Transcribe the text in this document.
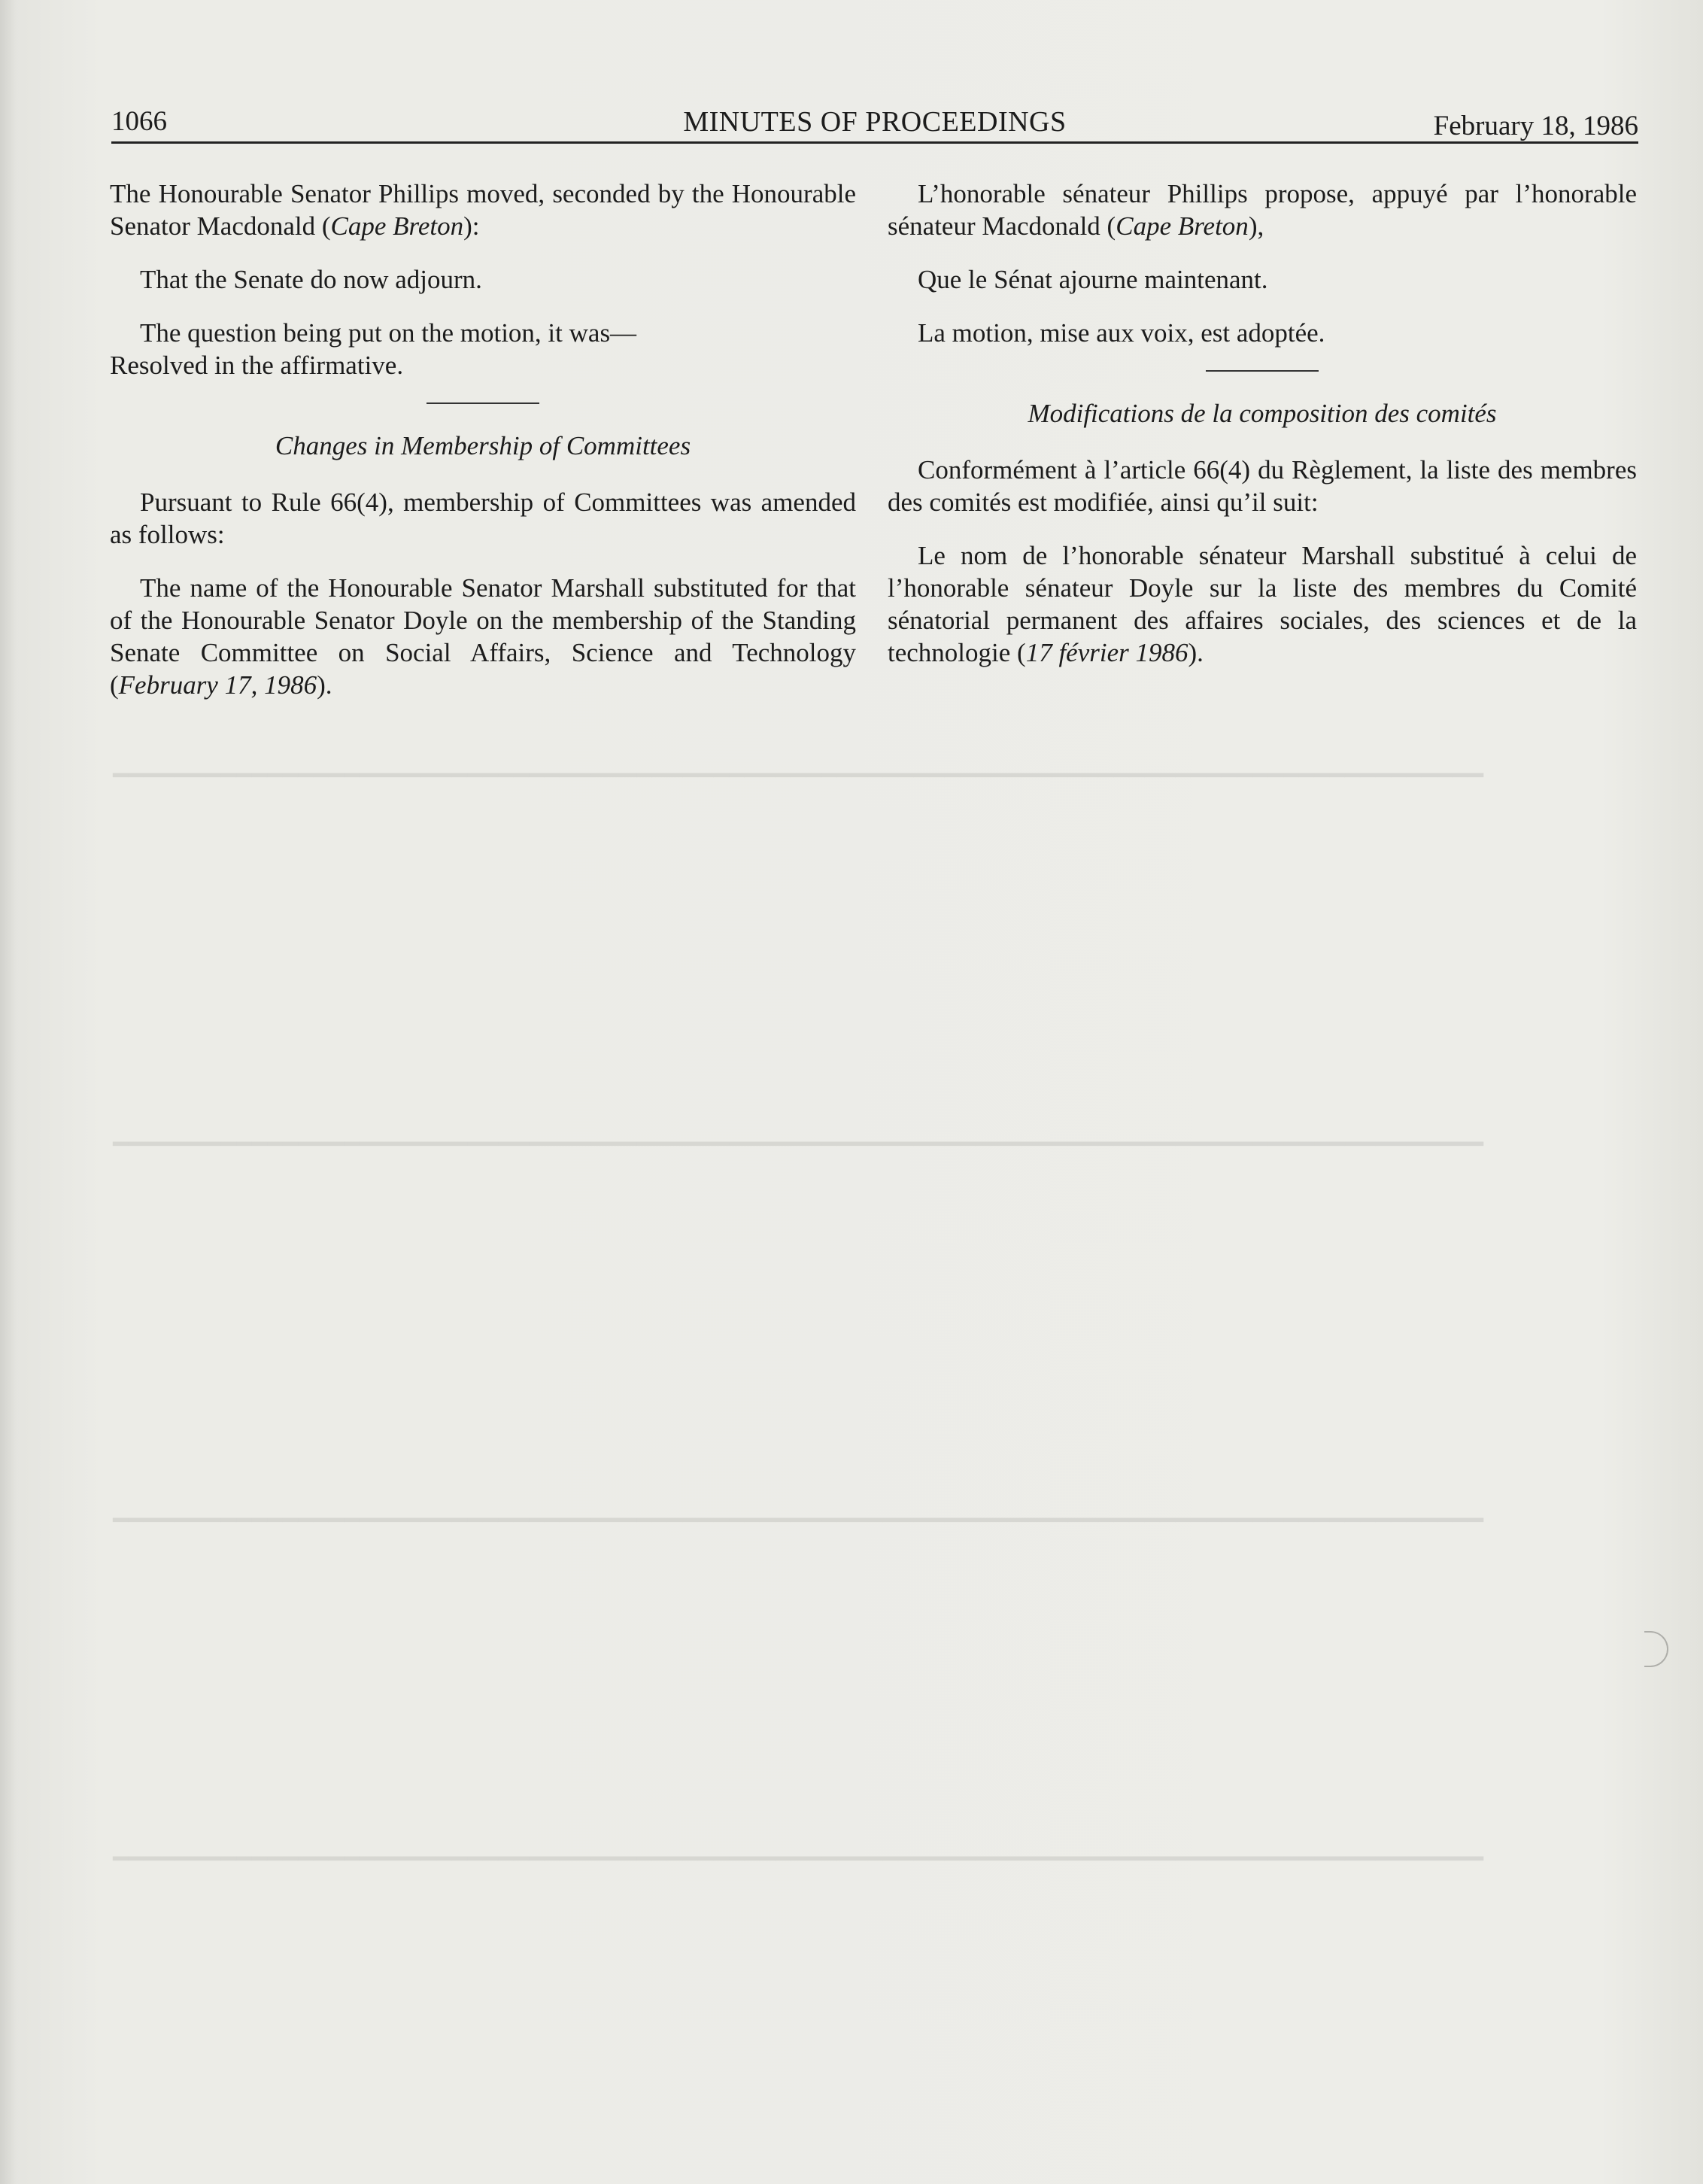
━━━━━━━━━━━━━━━━━━━━━━━━━━━━━━━━━━━━━━━━━━━━━━━━━━━━━━━━━━━━━━━━━━━━━━━━━━━━━━━━━━━━━━━━━
━━━━━━━━━━━━━━━━━━━━━━━━━━━━━━━━━━━━━━━━━━━━━━━━━━━━━━━━━━━━━━━━━━━━━━━━━━━━━━━━━━━━━━━━━
━━━━━━━━━━━━━━━━━━━━━━━━━━━━━━━━━━━━━━━━━━━━━━━━━━━━━━━━━━━━━━━━━━━━━━━━━━━━━━━━━━━━━━━━━
━━━━━━━━━━━━━━━━━━━━━━━━━━━━━━━━━━━━━━━━━━━━━━━━━━━━━━━━━━━━━━━━━━━━━━━━━━━━━━━━━━━━━━━━━
1066	MINUTES OF PROCEEDINGS	February 18, 1986

The Honourable Senator Phillips moved, seconded by the Honourable Senator Macdonald (Cape Breton):

That the Senate do now adjourn.

The question being put on the motion, it was—
Resolved in the affirmative.

Changes in Membership of Committees

Pursuant to Rule 66(4), membership of Committees was amended as follows:

The name of the Honourable Senator Marshall substituted for that of the Honourable Senator Doyle on the membership of the Standing Senate Committee on Social Affairs, Science and Technology (February 17, 1986).

L’honorable sénateur Phillips propose, appuyé par l’honorable sénateur Macdonald (Cape Breton),

Que le Sénat ajourne maintenant.

La motion, mise aux voix, est adoptée.

Modifications de la composition des comités

Conformément à l’article 66(4) du Règlement, la liste des membres des comités est modifiée, ainsi qu’il suit:

Le nom de l’honorable sénateur Marshall substitué à celui de l’honorable sénateur Doyle sur la liste des membres du Comité sénatorial permanent des affaires sociales, des sciences et de la technologie (17 février 1986).
